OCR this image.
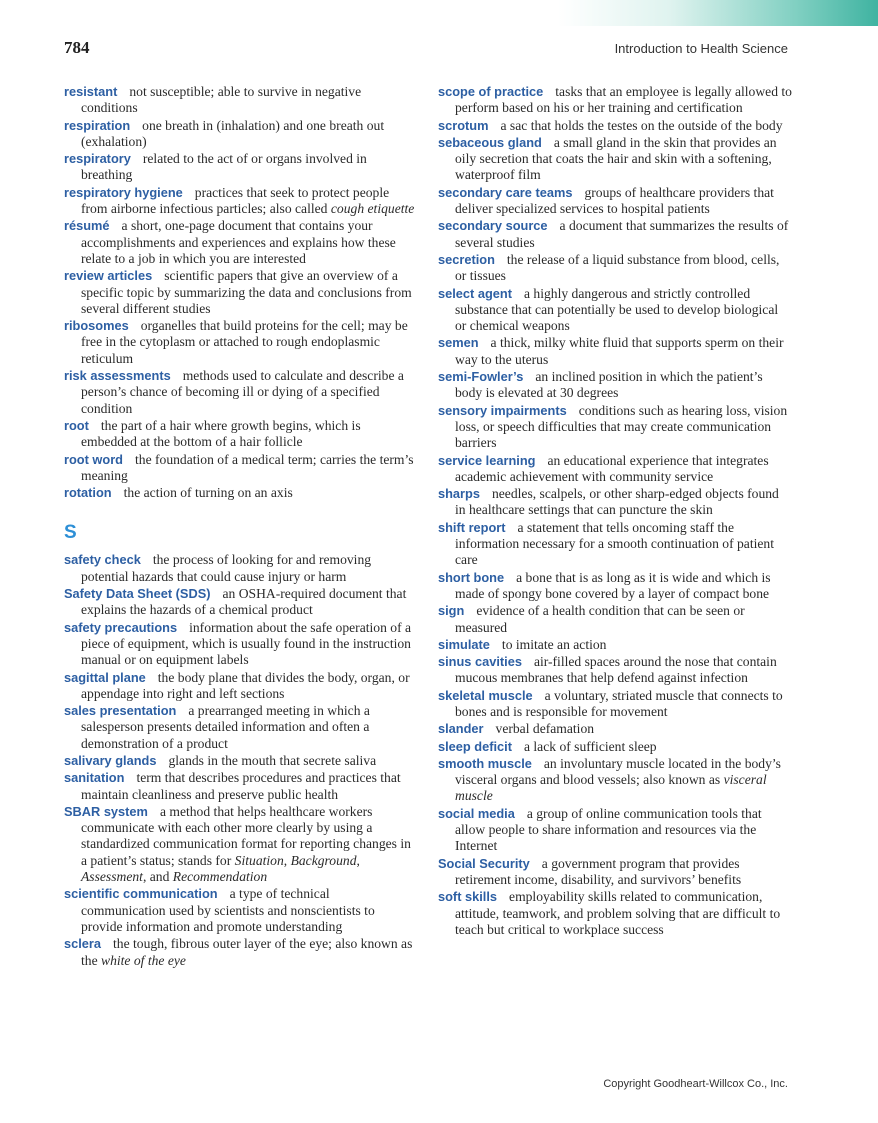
784	Introduction to Health Science

resistant not susceptible; able to survive in negative conditions

respiration one breath in (inhalation) and one breath out (exhalation)

respiratory related to the act of or organs involved in breathing

respiratory hygiene practices that seek to protect people from airborne infectious particles; also called cough etiquette

résumé a short, one-page document that contains your accomplishments and experiences and explains how these relate to a job in which you are interested

review articles scientific papers that give an overview of a specific topic by summarizing the data and conclusions from several different studies

ribosomes organelles that build proteins for the cell; may be free in the cytoplasm or attached to rough endoplasmic reticulum

risk assessments methods used to calculate and describe a person’s chance of becoming ill or dying of a specified condition

root the part of a hair where growth begins, which is embedded at the bottom of a hair follicle

root word the foundation of a medical term; carries the term’s meaning

rotation the action of turning on an axis

S

safety check the process of looking for and removing potential hazards that could cause injury or harm

Safety Data Sheet (SDS) an OSHA-required document that explains the hazards of a chemical product

safety precautions information about the safe operation of a piece of equipment, which is usually found in the instruction manual or on equipment labels

sagittal plane the body plane that divides the body, organ, or appendage into right and left sections

sales presentation a prearranged meeting in which a salesperson presents detailed information and often a demonstration of a product

salivary glands glands in the mouth that secrete saliva

sanitation term that describes procedures and practices that maintain cleanliness and preserve public health

SBAR system a method that helps healthcare workers communicate with each other more clearly by using a standardized communication format for reporting changes in a patient’s status; stands for Situation, Background, Assessment, and Recommendation

scientific communication a type of technical communication used by scientists and nonscientists to provide information and promote understanding

sclera the tough, fibrous outer layer of the eye; also known as the white of the eye

scope of practice tasks that an employee is legally allowed to perform based on his or her training and certification

scrotum a sac that holds the testes on the outside of the body

sebaceous gland a small gland in the skin that provides an oily secretion that coats the hair and skin with a softening, waterproof film

secondary care teams groups of healthcare providers that deliver specialized services to hospital patients

secondary source a document that summarizes the results of several studies

secretion the release of a liquid substance from blood, cells, or tissues

select agent a highly dangerous and strictly controlled substance that can potentially be used to develop biological or chemical weapons

semen a thick, milky white fluid that supports sperm on their way to the uterus

semi-Fowler’s an inclined position in which the patient’s body is elevated at 30 degrees

sensory impairments conditions such as hearing loss, vision loss, or speech difficulties that may create communication barriers

service learning an educational experience that integrates academic achievement with community service

sharps needles, scalpels, or other sharp-edged objects found in healthcare settings that can puncture the skin

shift report a statement that tells oncoming staff the information necessary for a smooth continuation of patient care

short bone a bone that is as long as it is wide and which is made of spongy bone covered by a layer of compact bone

sign evidence of a health condition that can be seen or measured

simulate to imitate an action

sinus cavities air-filled spaces around the nose that contain mucous membranes that help defend against infection

skeletal muscle a voluntary, striated muscle that connects to bones and is responsible for movement

slander verbal defamation

sleep deficit a lack of sufficient sleep

smooth muscle an involuntary muscle located in the body’s visceral organs and blood vessels; also known as visceral muscle

social media a group of online communication tools that allow people to share information and resources via the Internet

Social Security a government program that provides retirement income, disability, and survivors’ benefits

soft skills employability skills related to communication, attitude, teamwork, and problem solving that are difficult to teach but critical to workplace success

Copyright Goodheart-Willcox Co., Inc.
